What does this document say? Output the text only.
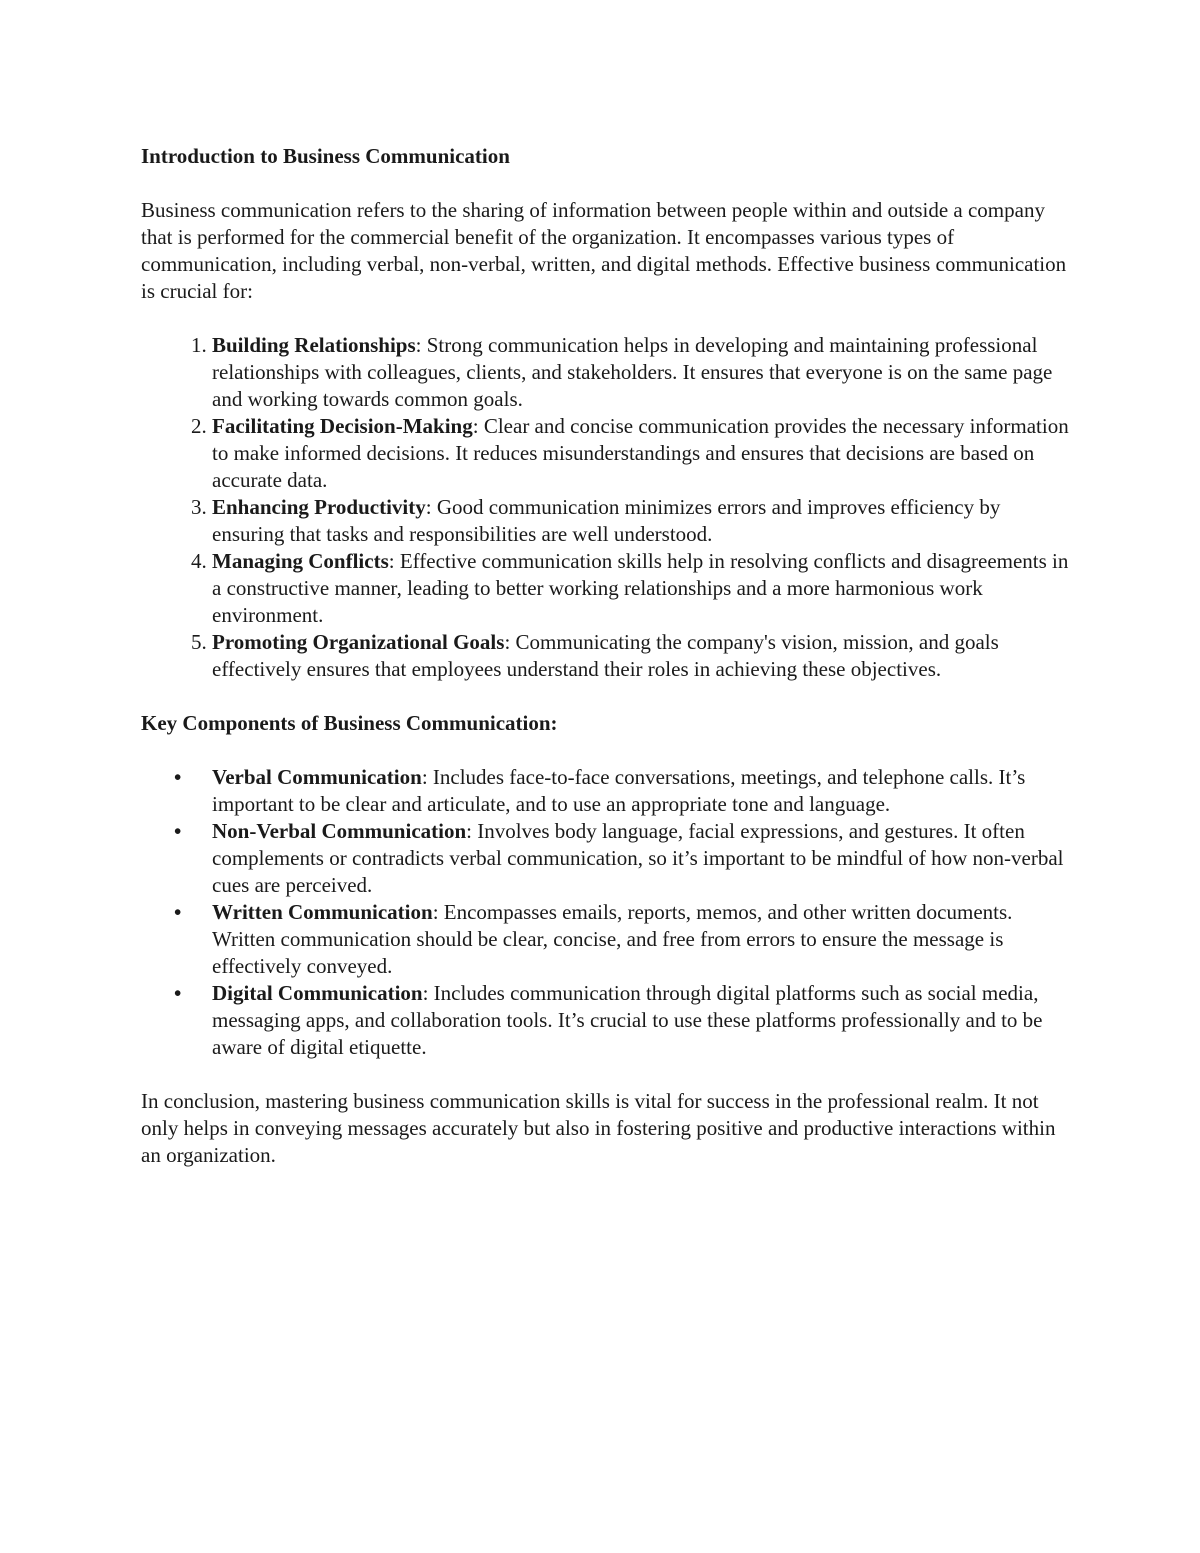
Introduction to Business Communication

Business communication refers to the sharing of information between people within and outside a company that is performed for the commercial benefit of the organization. It encompasses various types of communication, including verbal, non-verbal, written, and digital methods. Effective business communication is crucial for:

1. Building Relationships: Strong communication helps in developing and maintaining professional relationships with colleagues, clients, and stakeholders. It ensures that everyone is on the same page and working towards common goals.
2. Facilitating Decision-Making: Clear and concise communication provides the necessary information to make informed decisions. It reduces misunderstandings and ensures that decisions are based on accurate data.
3. Enhancing Productivity: Good communication minimizes errors and improves efficiency by ensuring that tasks and responsibilities are well understood.
4. Managing Conflicts: Effective communication skills help in resolving conflicts and disagreements in a constructive manner, leading to better working relationships and a more harmonious work environment.
5. Promoting Organizational Goals: Communicating the company's vision, mission, and goals effectively ensures that employees understand their roles in achieving these objectives.
Key Components of Business Communication:
• Verbal Communication: Includes face-to-face conversations, meetings, and telephone calls. It’s important to be clear and articulate, and to use an appropriate tone and language.
• Non-Verbal Communication: Involves body language, facial expressions, and gestures. It often complements or contradicts verbal communication, so it’s important to be mindful of how non-verbal cues are perceived.
• Written Communication: Encompasses emails, reports, memos, and other written documents. Written communication should be clear, concise, and free from errors to ensure the message is effectively conveyed.
• Digital Communication: Includes communication through digital platforms such as social media, messaging apps, and collaboration tools. It’s crucial to use these platforms professionally and to be aware of digital etiquette.

In conclusion, mastering business communication skills is vital for success in the professional realm. It not only helps in conveying messages accurately but also in fostering positive and productive interactions within an organization.
